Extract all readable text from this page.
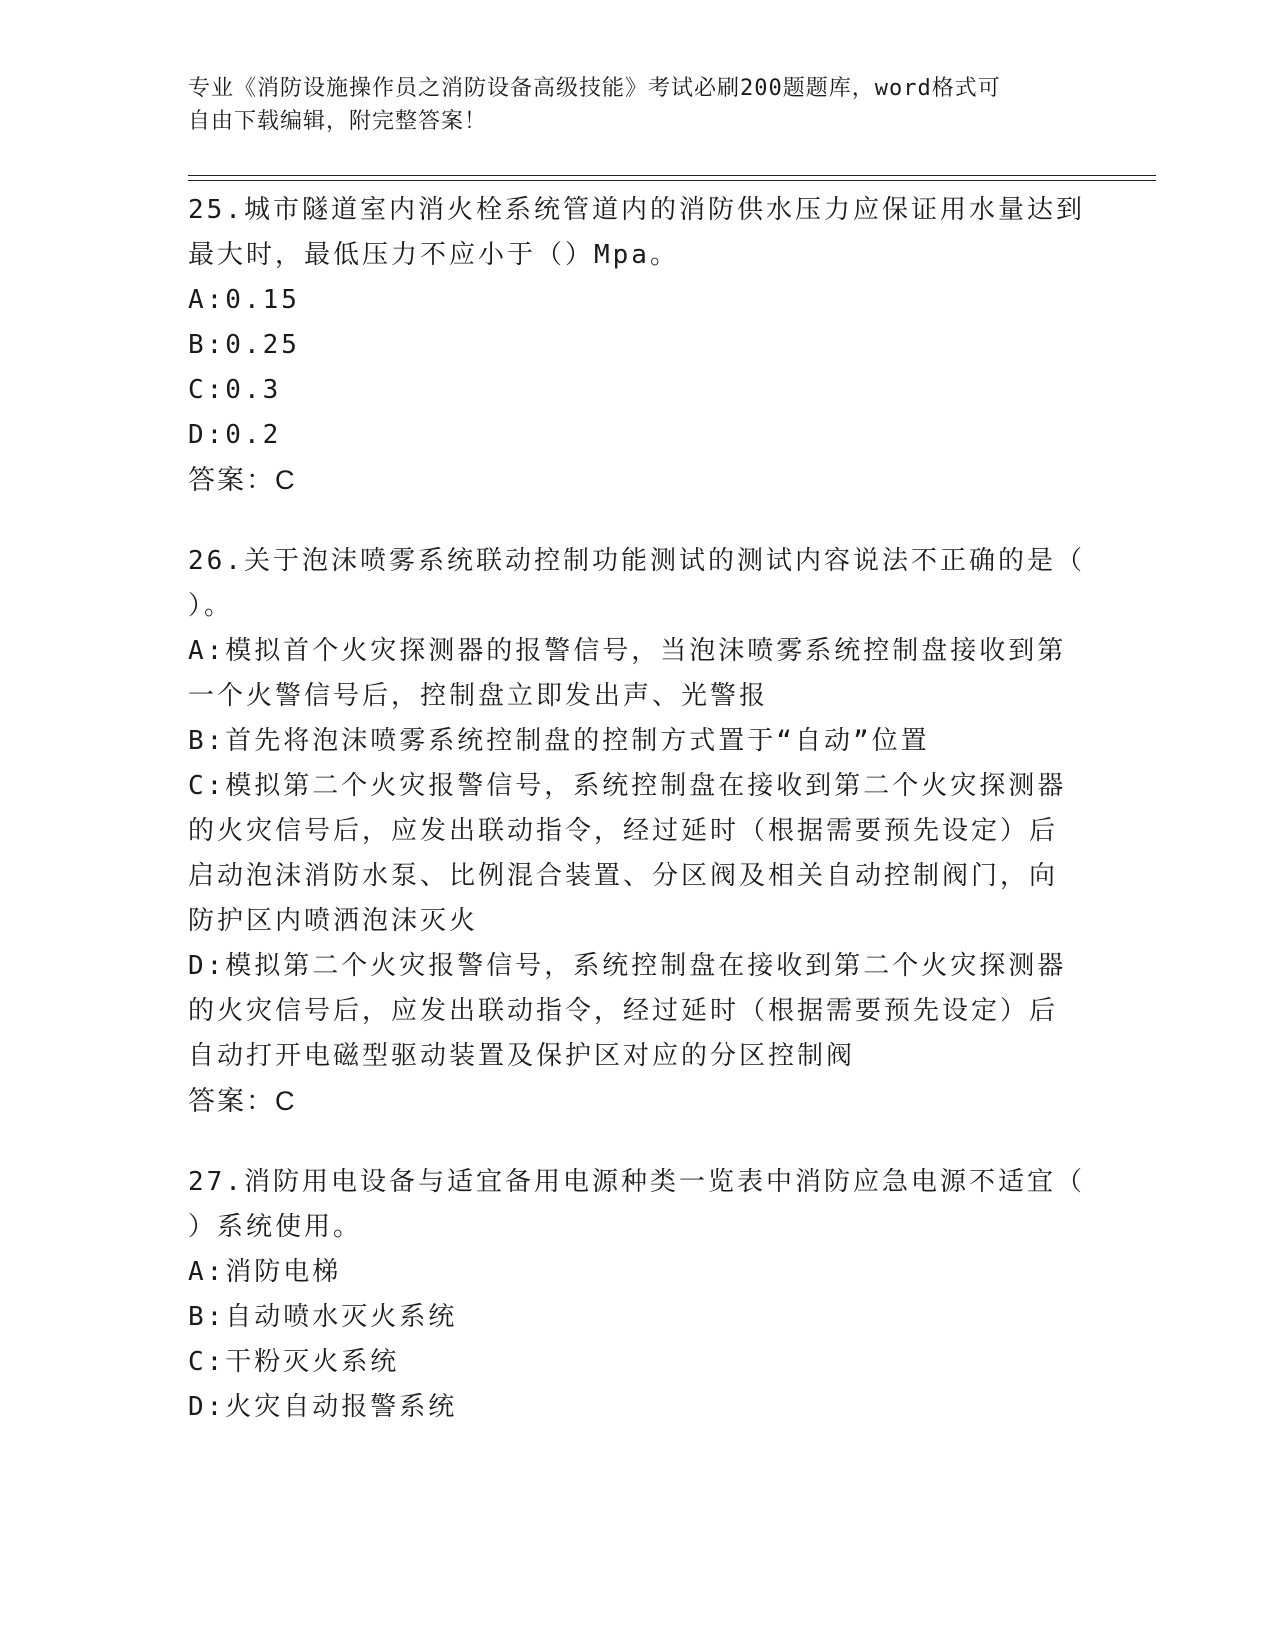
专业《消防设施操作员之消防设备高级技能》考试必刷200题题库，word格式可
自由下载编辑，附完整答案！

25.城市隧道室内消火栓系统管道内的消防供水压力应保证用水量达到

最大时，最低压力不应小于（）Mpa。

A:0.15

B:0.25

C:0.3

D:0.2

答案：C

26.关于泡沫喷雾系统联动控制功能测试的测试内容说法不正确的是（

）。

A:模拟首个火灾探测器的报警信号，当泡沫喷雾系统控制盘接收到第

一个火警信号后，控制盘立即发出声、光警报

B:首先将泡沫喷雾系统控制盘的控制方式置于“自动”位置

C:模拟第二个火灾报警信号，系统控制盘在接收到第二个火灾探测器

的火灾信号后，应发出联动指令，经过延时（根据需要预先设定）后

启动泡沫消防水泵、比例混合装置、分区阀及相关自动控制阀门，向

防护区内喷洒泡沫灭火

D:模拟第二个火灾报警信号，系统控制盘在接收到第二个火灾探测器

的火灾信号后，应发出联动指令，经过延时（根据需要预先设定）后

自动打开电磁型驱动装置及保护区对应的分区控制阀

答案：C

27.消防用电设备与适宜备用电源种类一览表中消防应急电源不适宜（

）系统使用。

A:消防电梯

B:自动喷水灭火系统

C:干粉灭火系统

D:火灾自动报警系统
